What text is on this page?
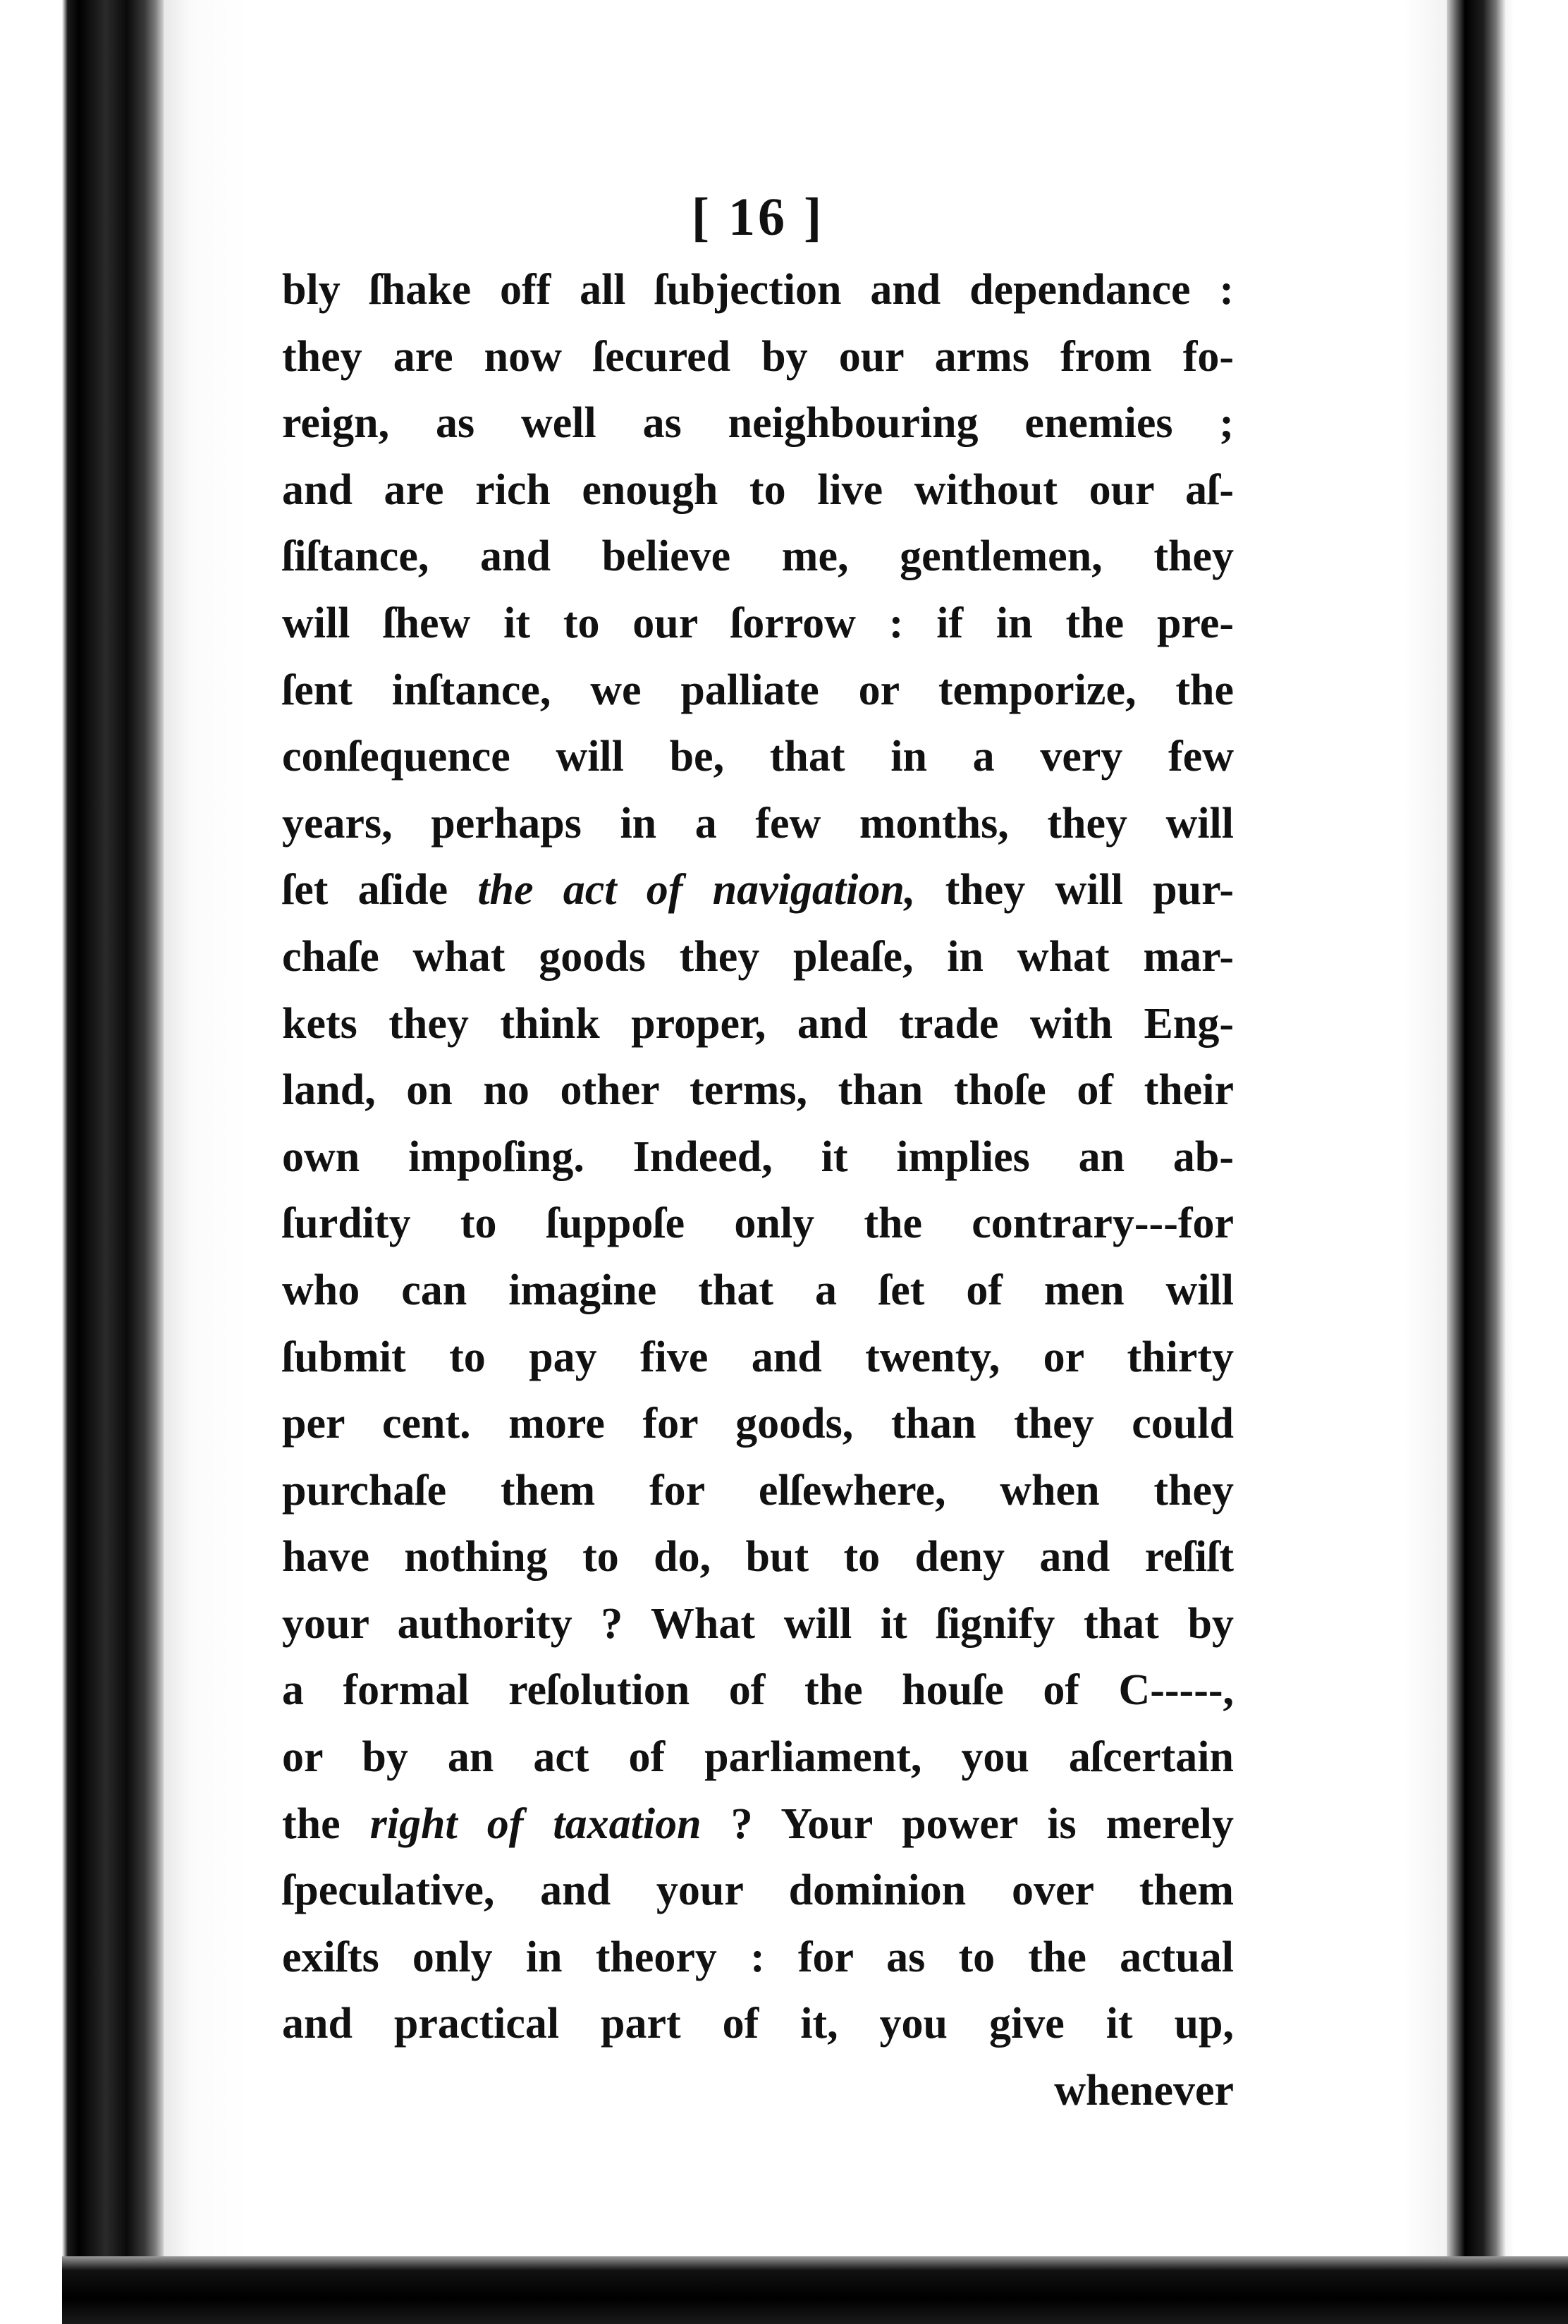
[ 16 ]
bly ſhake off all ſubjection and dependance :
they are now ſecured by our arms from fo-
reign, as well as neighbouring enemies ;
and are rich enough to live without our aſ-
ſiſtance, and believe me, gentlemen, they
will ſhew it to our ſorrow : if in the pre-
ſent inſtance, we palliate or temporize, the
conſequence will be, that in a very few
years, perhaps in a few months, they will
ſet aſide the act of navigation, they will pur-
chaſe what goods they pleaſe, in what mar-
kets they think proper, and trade with Eng-
land, on no other terms, than thoſe of their
own impoſing. Indeed, it implies an ab-
ſurdity to ſuppoſe only the contrary---for
who can imagine that a ſet of men will
ſubmit to pay five and twenty, or thirty
per cent. more for goods, than they could
purchaſe them for elſewhere, when they
have nothing to do, but to deny and reſiſt
your authority ? What will it ſignify that by
a formal reſolution of the houſe of C-----,
or by an act of parliament, you aſcertain
the right of taxation ? Your power is merely
ſpeculative, and your dominion over them
exiſts only in theory : for as to the actual
and practical part of it, you give it up,
whenever
